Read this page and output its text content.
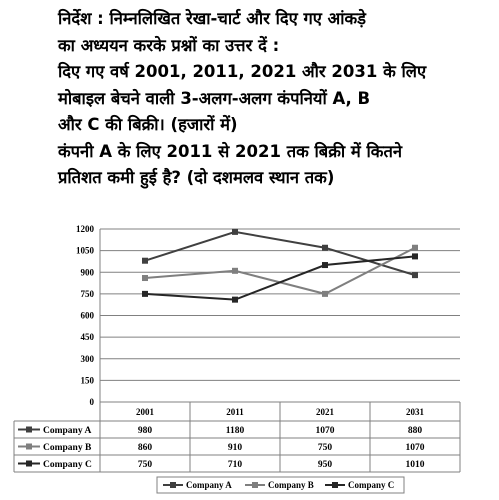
निर्देश : निम्नलिखित रेखा-चार्ट और दिए गए आंकड़े

का अध्ययन करके प्रश्नों का उत्तर दें :

दिए गए वर्ष 2001, 2011, 2021 और 2031 के लिए

मोबाइल बेचने वाली 3-अलग-अलग कंपनियों A, B

और C की बिक्री। (हजारों में)

कंपनी A के लिए 2011 से 2021 तक बिक्री में कितने

प्रतिशत कमी हुई है? (दो दशमलव स्थान तक)

0
150
300
450
600
750
900
1050
1200
2001	2011	2021	2031
Company A	980	1180	1070	880
Company B	860	910	750	1070
Company C	750	710	950	1010
Company A	Company B	Company C
